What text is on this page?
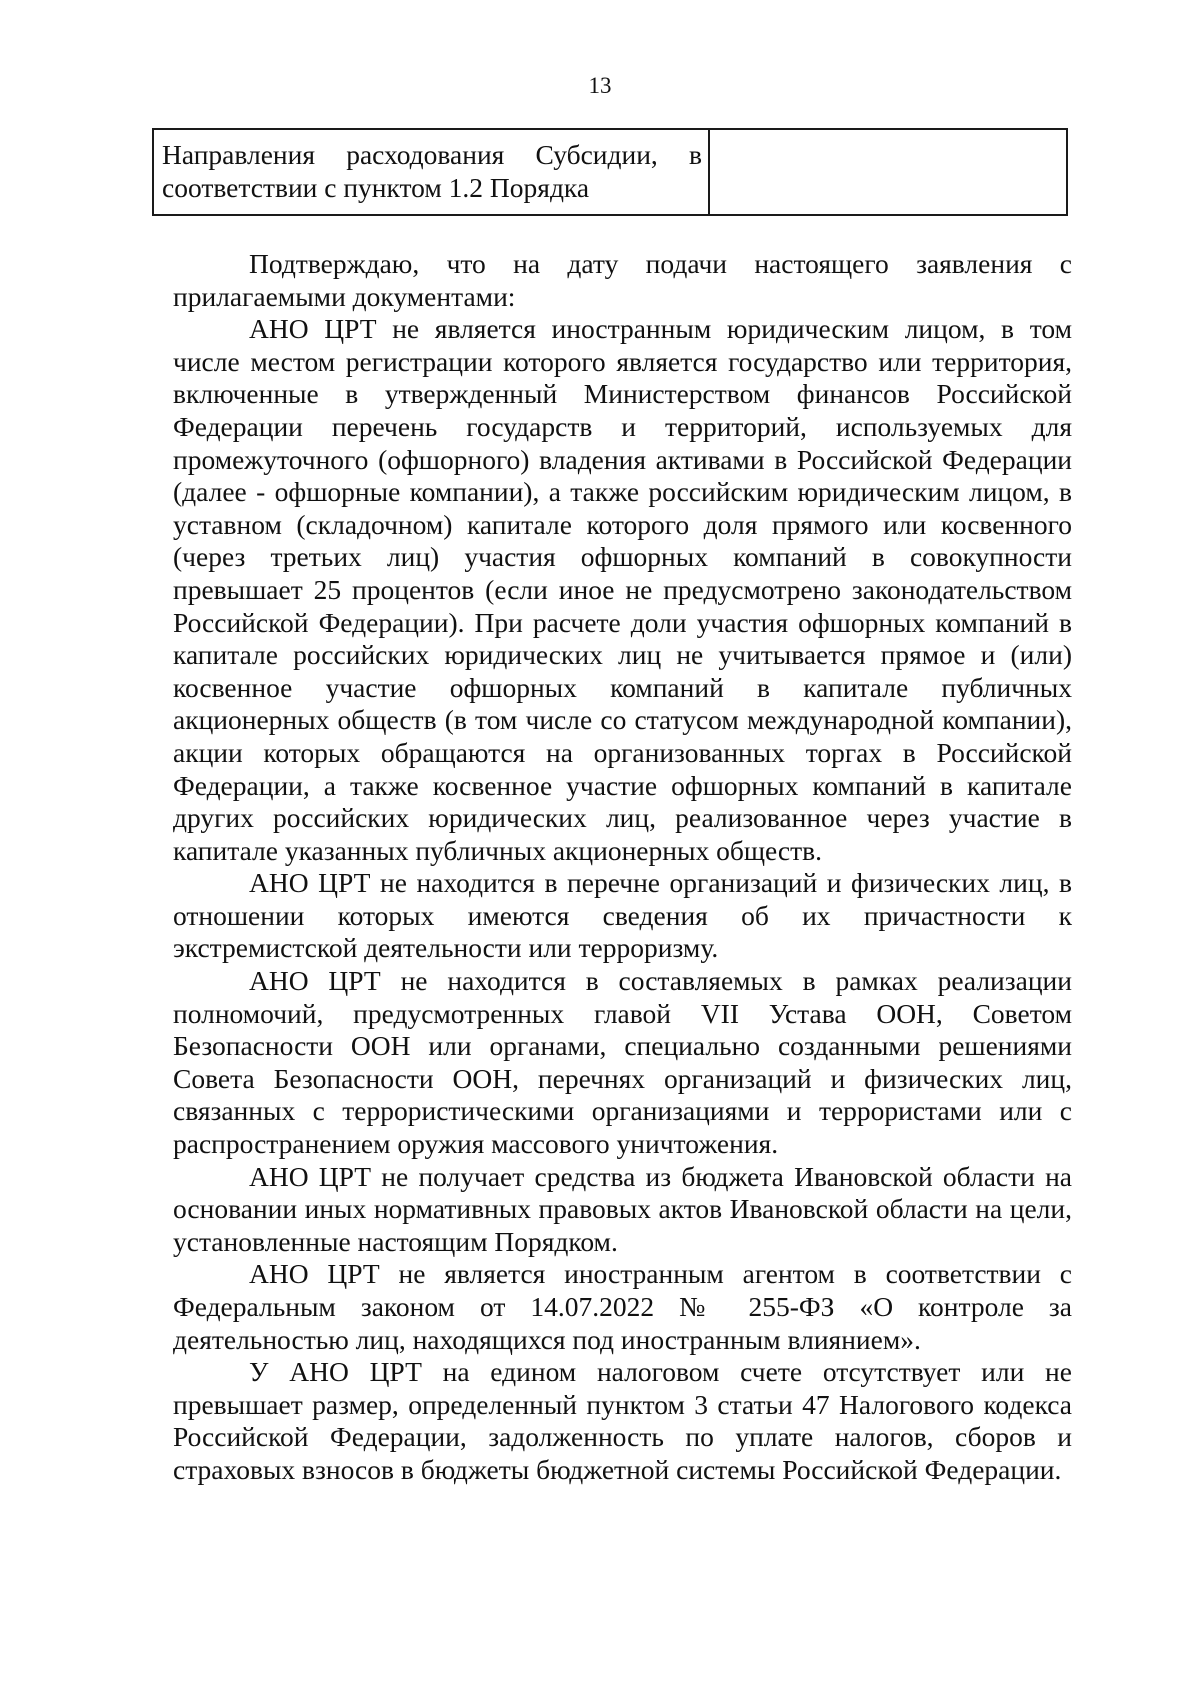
13
Направления расходования Субсидии, в соответствии с пунктом 1.2 Порядка	

Подтверждаю, что на дату подачи настоящего заявления с прилагаемыми документами:

АНО ЦРТ не является иностранным юридическим лицом, в том числе местом регистрации которого является государство или территория, включенные в утвержденный Министерством финансов Российской Федерации перечень государств и территорий, используемых для промежуточного (офшорного) владения активами в Российской Федерации (далее - офшорные компании), а также российским юридическим лицом, в уставном (складочном) капитале которого доля прямого или косвенного (через третьих лиц) участия офшорных компаний в совокупности превышает 25 процентов (если иное не предусмотрено законодательством Российской Федерации). При расчете доли участия офшорных компаний в капитале российских юридических лиц не учитывается прямое и (или) косвенное участие офшорных компаний в капитале публичных акционерных обществ (в том числе со статусом международной компании), акции которых обращаются на организованных торгах в Российской Федерации, а также косвенное участие офшорных компаний в капитале других российских юридических лиц, реализованное через участие в капитале указанных публичных акционерных обществ.

АНО ЦРТ не находится в перечне организаций и физических лиц, в отношении которых имеются сведения об их причастности к экстремистской деятельности или терроризму.

АНО ЦРТ не находится в составляемых в рамках реализации полномочий, предусмотренных главой VII Устава ООН, Советом Безопасности ООН или органами, специально созданными решениями Совета Безопасности ООН, перечнях организаций и физических лиц, связанных с террористическими организациями и террористами или с распространением оружия массового уничтожения.

АНО ЦРТ не получает средства из бюджета Ивановской области на основании иных нормативных правовых актов Ивановской области на цели, установленные настоящим Порядком.

АНО ЦРТ не является иностранным агентом в соответствии с Федеральным законом от 14.07.2022 № 255-ФЗ «О контроле за деятельностью лиц, находящихся под иностранным влиянием».

У АНО ЦРТ на едином налоговом счете отсутствует или не превышает размер, определенный пунктом 3 статьи 47 Налогового кодекса Российской Федерации, задолженность по уплате налогов, сборов и страховых взносов в бюджеты бюджетной системы Российской Федерации.
